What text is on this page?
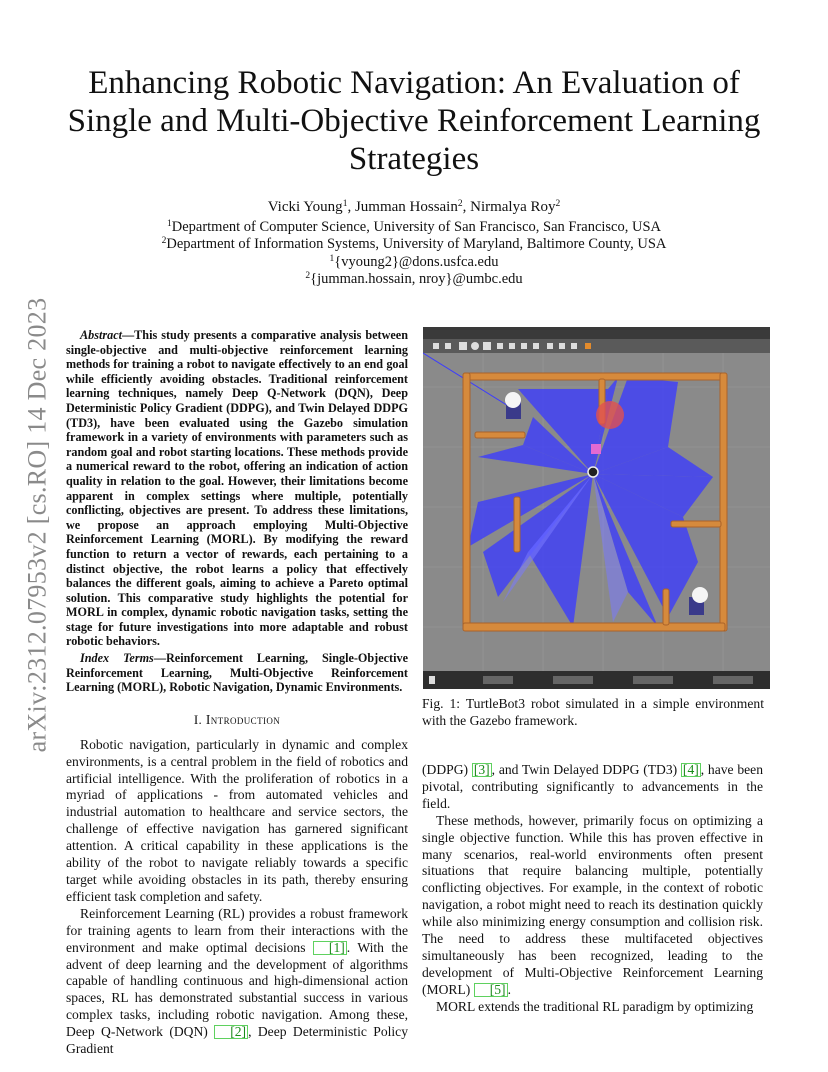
arXiv:2312.07953v2 [cs.RO] 14 Dec 2023
Enhancing Robotic Navigation: An Evaluation of
Single and Multi-Objective Reinforcement Learning
Strategies
Vicki Young$^1$, Jumman Hossain$^2$, Nirmalya Roy$^2$
$^1$Department of Computer Science, University of San Francisco, San Francisco, USA
$^2$Department of Information Systems, University of Maryland, Baltimore County, USA
$^1${vyoung2}@dons.usfca.edu
$^2${jumman.hossain, nroy}@umbc.edu

Abstract—This study presents a comparative analysis between single-objective and multi-objective reinforcement learning methods for training a robot to navigate effectively to an end goal while efficiently avoiding obstacles. Traditional reinforcement learning techniques, namely Deep Q-Network (DQN), Deep Deterministic Policy Gradient (DDPG), and Twin Delayed DDPG (TD3), have been evaluated using the Gazebo simulation framework in a variety of environments with parameters such as random goal and robot starting locations. These methods provide a numerical reward to the robot, offering an indication of action quality in relation to the goal. However, their limitations become apparent in complex settings where multiple, potentially conflicting, objectives are present. To address these limitations, we propose an approach employing Multi-Objective Reinforcement Learning (MORL). By modifying the reward function to return a vector of rewards, each pertaining to a distinct objective, the robot learns a policy that effectively balances the different goals, aiming to achieve a Pareto optimal solution. This comparative study highlights the potential for MORL in complex, dynamic robotic navigation tasks, setting the stage for future investigations into more adaptable and robust robotic behaviors.

Index Terms—Reinforcement Learning, Single-Objective Reinforcement Learning, Multi-Objective Reinforcement Learning (MORL), Robotic Navigation, Dynamic Environments.

I. Introduction

Robotic navigation, particularly in dynamic and complex environments, is a central problem in the field of robotics and artificial intelligence. With the proliferation of robotics in a myriad of applications - from automated vehicles and industrial automation to healthcare and service sectors, the challenge of effective navigation has garnered significant attention. A critical capability in these applications is the ability of the robot to navigate reliably towards a specific target while avoiding obstacles in its path, thereby ensuring efficient task completion and safety.

Reinforcement Learning (RL) provides a robust framework for training agents to learn from their interactions with the environment and make optimal decisions [1] . With the advent of deep learning and the development of algorithms capable of handling continuous and high-dimensional action spaces, RL has demonstrated substantial success in various complex tasks, including robotic navigation. Among these, Deep Q-Network (DQN) [2] , Deep Deterministic Policy Gradient

Fig. 1: TurtleBot3 robot simulated in a simple environment with the Gazebo framework.

(DDPG) [3] , and Twin Delayed DDPG (TD3) [4] , have been pivotal, contributing significantly to advancements in the field.

These methods, however, primarily focus on optimizing a single objective function. While this has proven effective in many scenarios, real-world environments often present situations that require balancing multiple, potentially conflicting objectives. For example, in the context of robotic navigation, a robot might need to reach its destination quickly while also minimizing energy consumption and collision risk. The need to address these multifaceted objectives simultaneously has been recognized, leading to the development of Multi-Objective Reinforcement Learning (MORL) [5] .

MORL extends the traditional RL paradigm by optimizing
